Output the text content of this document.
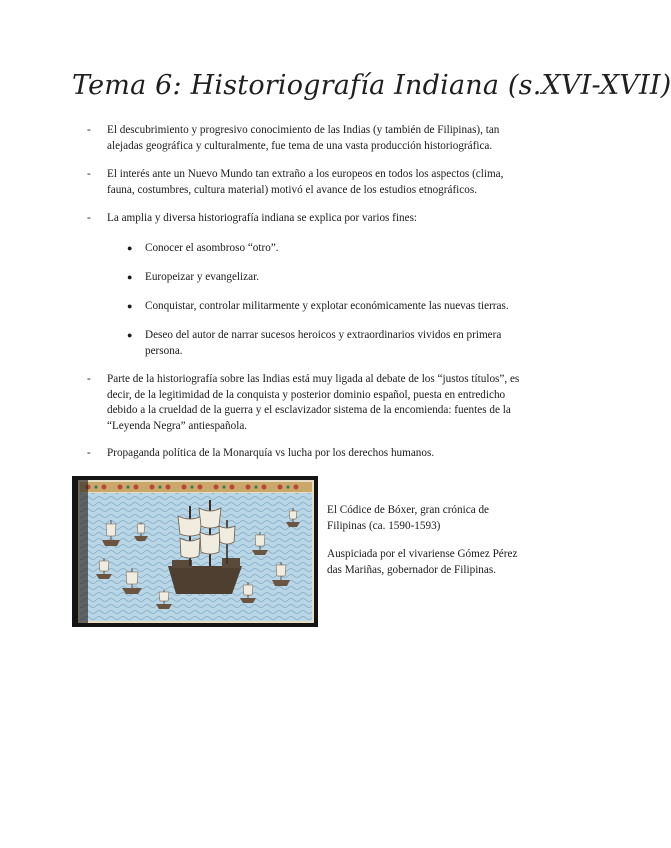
Tema 6: Historiografía Indiana (s.XVI-XVII)
-	El descubrimiento y progresivo conocimiento de las Indias (y también de Filipinas), tan alejadas geográfica y culturalmente, fue tema de una vasta producción historiográfica.
-	El interés ante un Nuevo Mundo tan extraño a los europeos en todos los aspectos (clima, fauna, costumbres, cultura material) motivó el avance de los estudios etnográficos.
-	La amplia y diversa historiografía indiana se explica por varios fines:
● Conocer el asombroso “otro”.
● Europeizar y evangelizar.
● Conquistar, controlar militarmente y explotar económicamente las nuevas tierras.
● Deseo del autor de narrar sucesos heroicos y extraordinarios vividos en primera persona.
-	Parte de la historiografía sobre las Indias está muy ligada al debate de los “justos títulos”, es decir, de la legitimidad de la conquista y posterior dominio español, puesta en entredicho debido a la crueldad de la guerra y el esclavizador sistema de la encomienda: fuentes de la “Leyenda Negra” antiespañola.
-	Propaganda política de la Monarquía vs lucha por los derechos humanos.
El Códice de Bóxer, gran crónica de Filipinas (ca. 1590-1593)
Auspiciada por el vivariense Gómez Pérez das Mariñas, gobernador de Filipinas.
